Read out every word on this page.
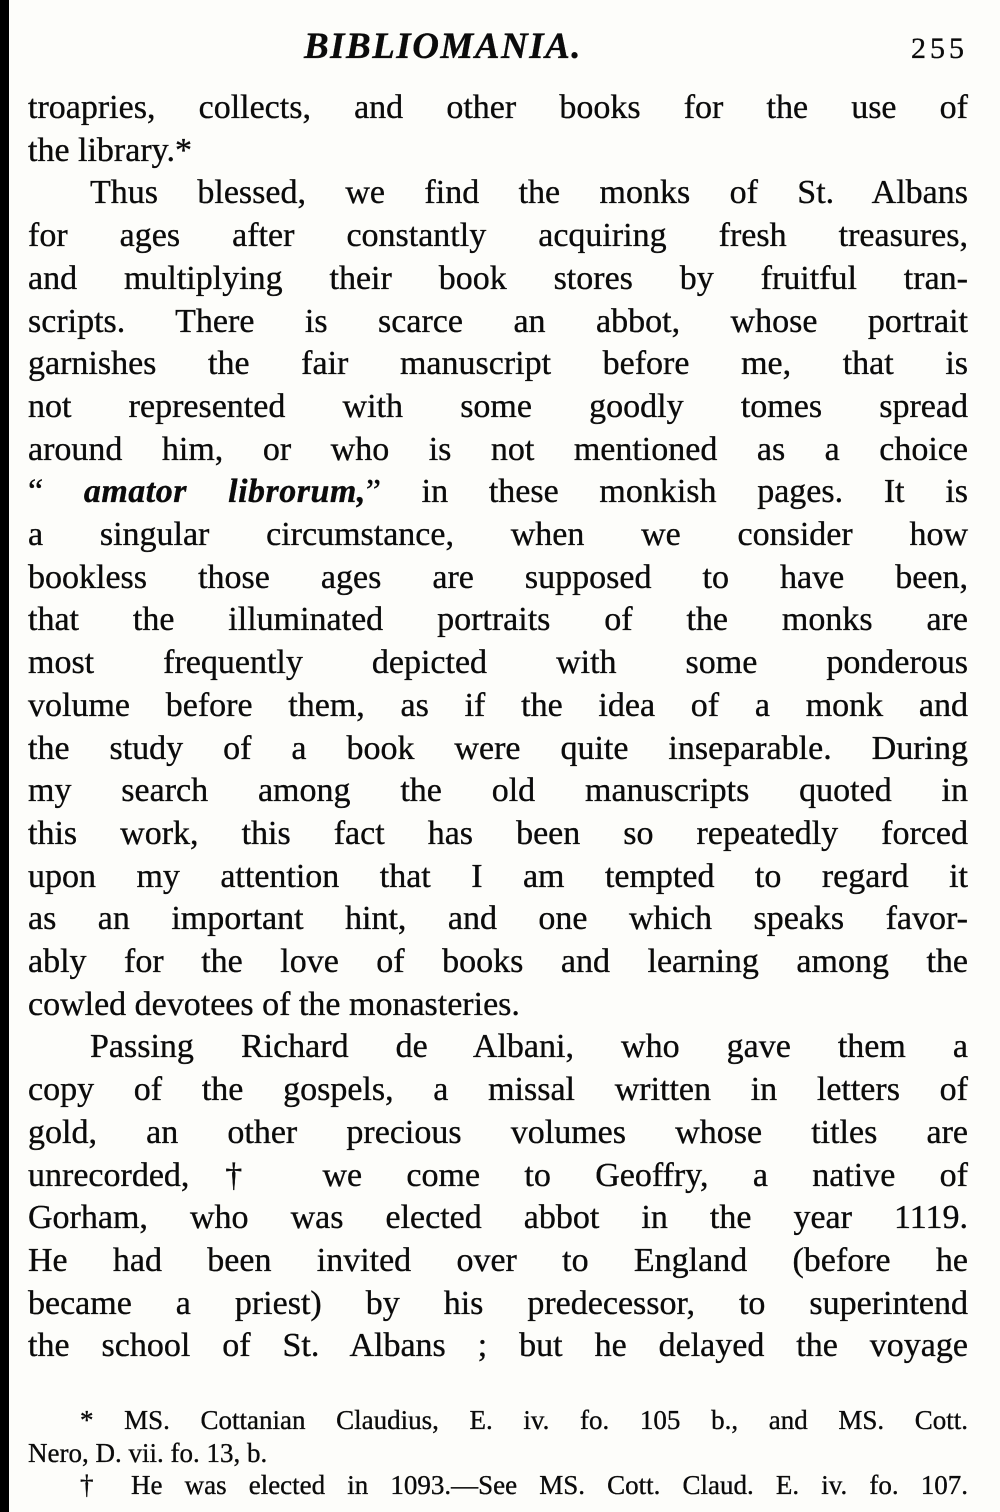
BIBLIOMANIA.	255
troapries, collects, and other books for the use of
the library.*
Thus blessed, we find the monks of St. Albans
for ages after constantly acquiring fresh treasures,
and multiplying their book stores by fruitful tran-
scripts. There is scarce an abbot, whose portrait
garnishes the fair manuscript before me, that is
not represented with some goodly tomes spread
around him, or who is not mentioned as a choice
“ amator librorum,” in these monkish pages. It is
a singular circumstance, when we consider how
bookless those ages are supposed to have been,
that the illuminated portraits of the monks are
most frequently depicted with some ponderous
volume before them, as if the idea of a monk and
the study of a book were quite inseparable. During
my search among the old manuscripts quoted in
this work, this fact has been so repeatedly forced
upon my attention that I am tempted to regard it
as an important hint, and one which speaks favor-
ably for the love of books and learning among the
cowled devotees of the monasteries.
Passing Richard de Albani, who gave them a
copy of the gospels, a missal written in letters of
gold, an other precious volumes whose titles are
unrecorded,† we come to Geoffry, a native of
Gorham, who was elected abbot in the year 1119.
He had been invited over to England (before he
became a priest) by his predecessor, to superintend
the school of St. Albans ; but he delayed the voyage
* MS. Cottanian Claudius, E. iv. fo. 105 b., and MS. Cott.
Nero, D. vii. fo. 13, b.
† He was elected in 1093.—See MS. Cott. Claud. E. iv. fo. 107.
